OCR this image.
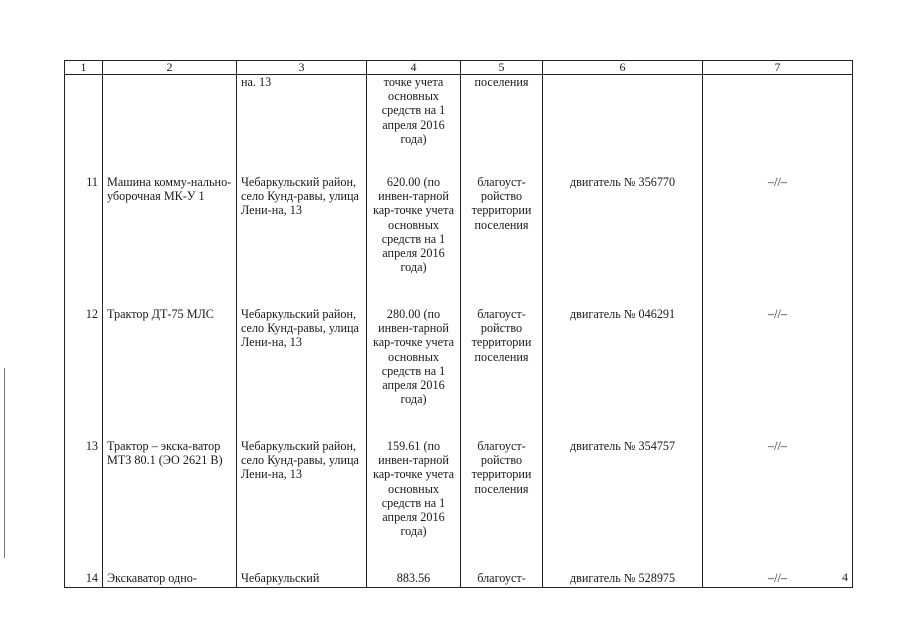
1	2	3	4	5	6	7
		на. 13	точке учета основных средств на 1 апреля 2016 года)	поселения		
11	Машина комму-нально-уборочная МК-У 1	Чебаркульский район, село Кунд-равы, улица Лени-на, 13	620.00 (по инвен-тарной кар-точке учета основных средств на 1 апреля 2016 года)	благоуст-ройство территории поселения	двигатель № 356770	–//–
12	Трактор ДТ-75 МЛС	Чебаркульский район, село Кунд-равы, улица Лени-на, 13	280.00 (по инвен-тарной кар-точке учета основных средств на 1 апреля 2016 года)	благоуст-ройство территории поселения	двигатель № 046291	–//–
13	Трактор – экска-ватор МТЗ 80.1 (ЭО 2621 В)	Чебаркульский район, село Кунд-равы, улица Лени-на, 13	159.61 (по инвен-тарной кар-точке учета основных средств на 1 апреля 2016 года)	благоуст-ройство территории поселения	двигатель № 354757	–//–
14	Экскаватор одно-	Чебаркульский	883.56	благоуст-	двигатель № 528975	–//–	4
